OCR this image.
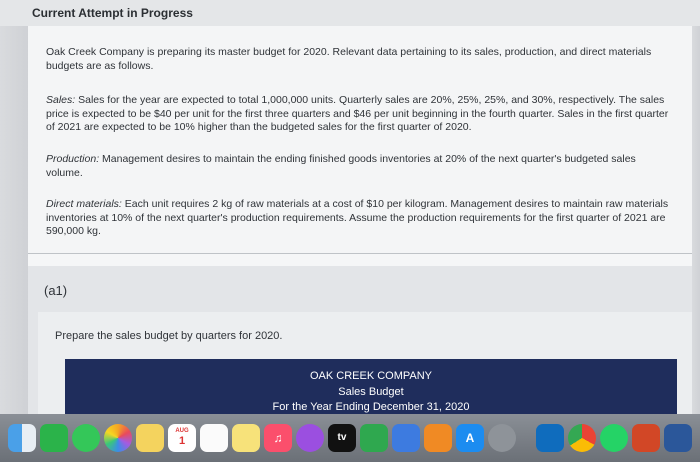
Current Attempt in Progress
Oak Creek Company is preparing its master budget for 2020. Relevant data pertaining to its sales, production, and direct materials budgets are as follows.
Sales: Sales for the year are expected to total 1,000,000 units. Quarterly sales are 20%, 25%, 25%, and 30%, respectively. The sales price is expected to be $40 per unit for the first three quarters and $46 per unit beginning in the fourth quarter. Sales in the first quarter of 2021 are expected to be 10% higher than the budgeted sales for the first quarter of 2020.
Production: Management desires to maintain the ending finished goods inventories at 20% of the next quarter's budgeted sales volume.
Direct materials: Each unit requires 2 kg of raw materials at a cost of $10 per kilogram. Management desires to maintain raw materials inventories at 10% of the next quarter's production requirements. Assume the production requirements for the first quarter of 2021 are 590,000 kg.
(a1)
Prepare the sales budget by quarters for 2020.
OAK CREEK COMPANY
Sales Budget
For the Year Ending December 31, 2020
AUG 1	♫	tv	A
